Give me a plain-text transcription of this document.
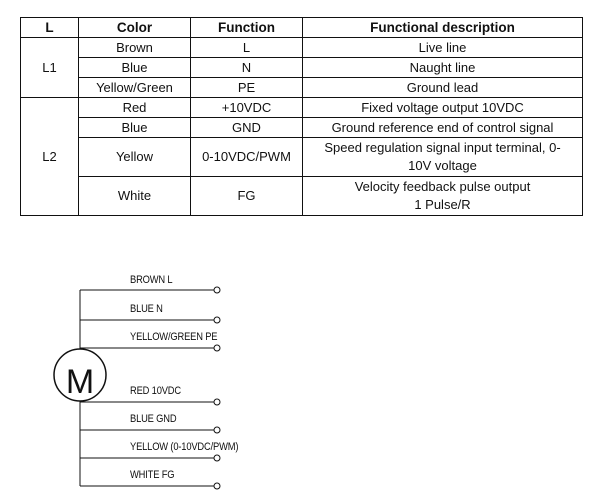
L	Color	Function	Functional description
L1	Brown	L	Live line
	Blue	N	Naught line
	Yellow/Green	PE	Ground lead
L2	Red	+10VDC	Fixed voltage output 10VDC
	Blue	GND	Ground reference end of control signal
	Yellow	0-10VDC/PWM	Speed regulation signal input terminal, 0-
10V voltage

	White	FG	Velocity feedback pulse output
1 Pulse/R
M
BROWN L
BLUE N
YELLOW/GREEN PE
RED 10VDC
BLUE GND
YELLOW (0-10VDC/PWM)
WHITE FG
